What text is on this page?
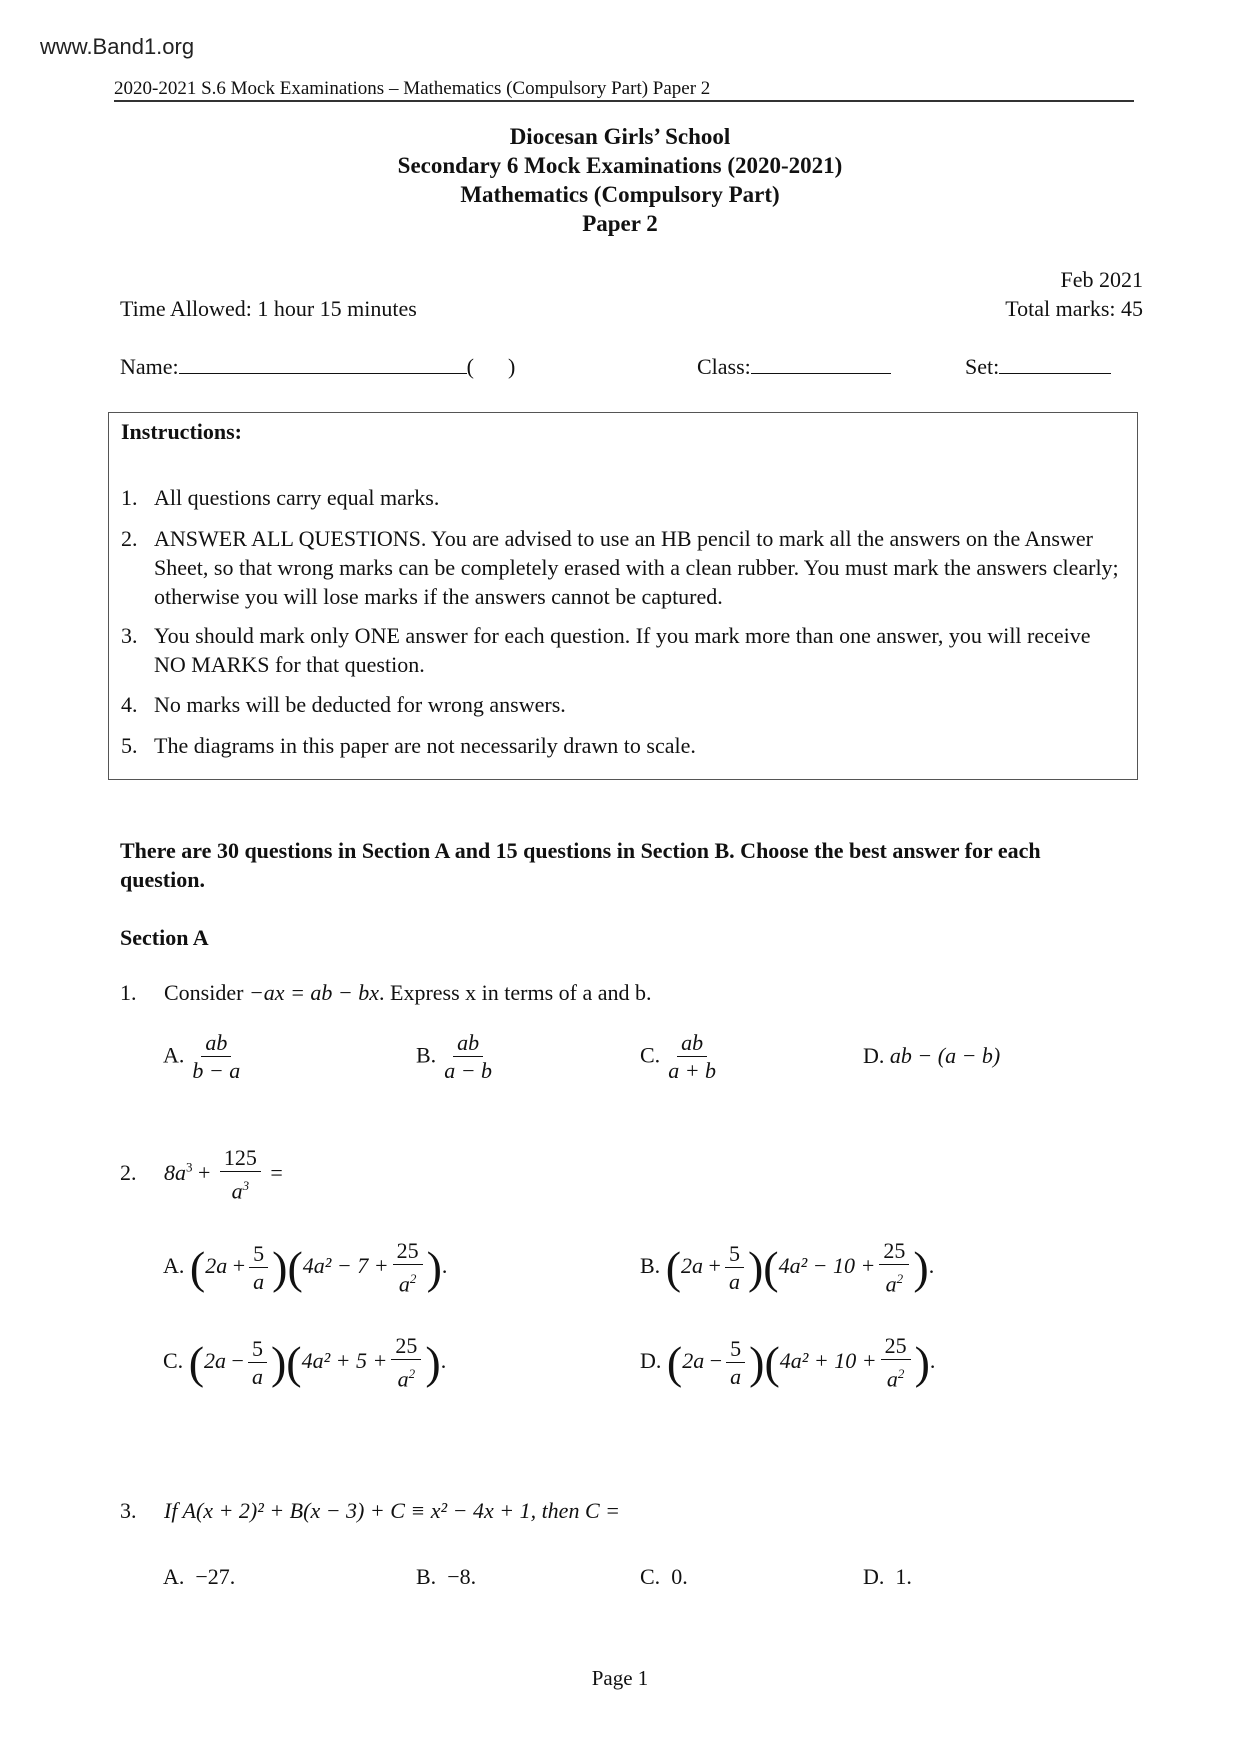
www.Band1.org
2020-2021 S.6 Mock Examinations – Mathematics (Compulsory Part) Paper 2
Diocesan Girls’ School
Secondary 6 Mock Examinations (2020-2021)
Mathematics (Compulsory Part)
Paper 2
Feb 2021
Time Allowed: 1 hour 15 minutes	Total marks: 45
Name:	( )	Class:	Set:
Instructions:
1. All questions carry equal marks.
2. ANSWER ALL QUESTIONS. You are advised to use an HB pencil to mark all the answers on the Answer Sheet, so that wrong marks can be completely erased with a clean rubber. You must mark the answers clearly; otherwise you will lose marks if the answers cannot be captured.
3. You should mark only ONE answer for each question. If you mark more than one answer, you will receive NO MARKS for that question.
4. No marks will be deducted for wrong answers.
5. The diagrams in this paper are not necessarily drawn to scale.
There are 30 questions in Section A and 15 questions in Section B. Choose the best answer for each question.
Section A
1. Consider −ax = ab − bx. Express x in terms of a and b.
A. $\frac{ab}{b - a}$	B. $\frac{ab}{a - b}$	C. $\frac{ab}{a + b}$	D. ab − (a − b)
2. $8a^3 + \frac{125}{a^3}$ =
A. $(2a + \frac{5}{a} )(4a^2 - 7 + \frac{25}{a^2}$ ).	B. $(2a + \frac{5}{a} )(4a^2 - 10 + \frac{25}{a^2}$ ).
C. $(2a - \frac{5}{a} )(4a^2 + 5 + \frac{25}{a^2}$ ).	D. $(2a - \frac{5}{a} )(4a^2 + 10 + \frac{25}{a^2}$ ).
3. If A(x + 2)² + B(x − 3) + C ≡ x² − 4x + 1, then C =
A. −27.	B. −8.	C. 0.	D. 1.
Page 1
